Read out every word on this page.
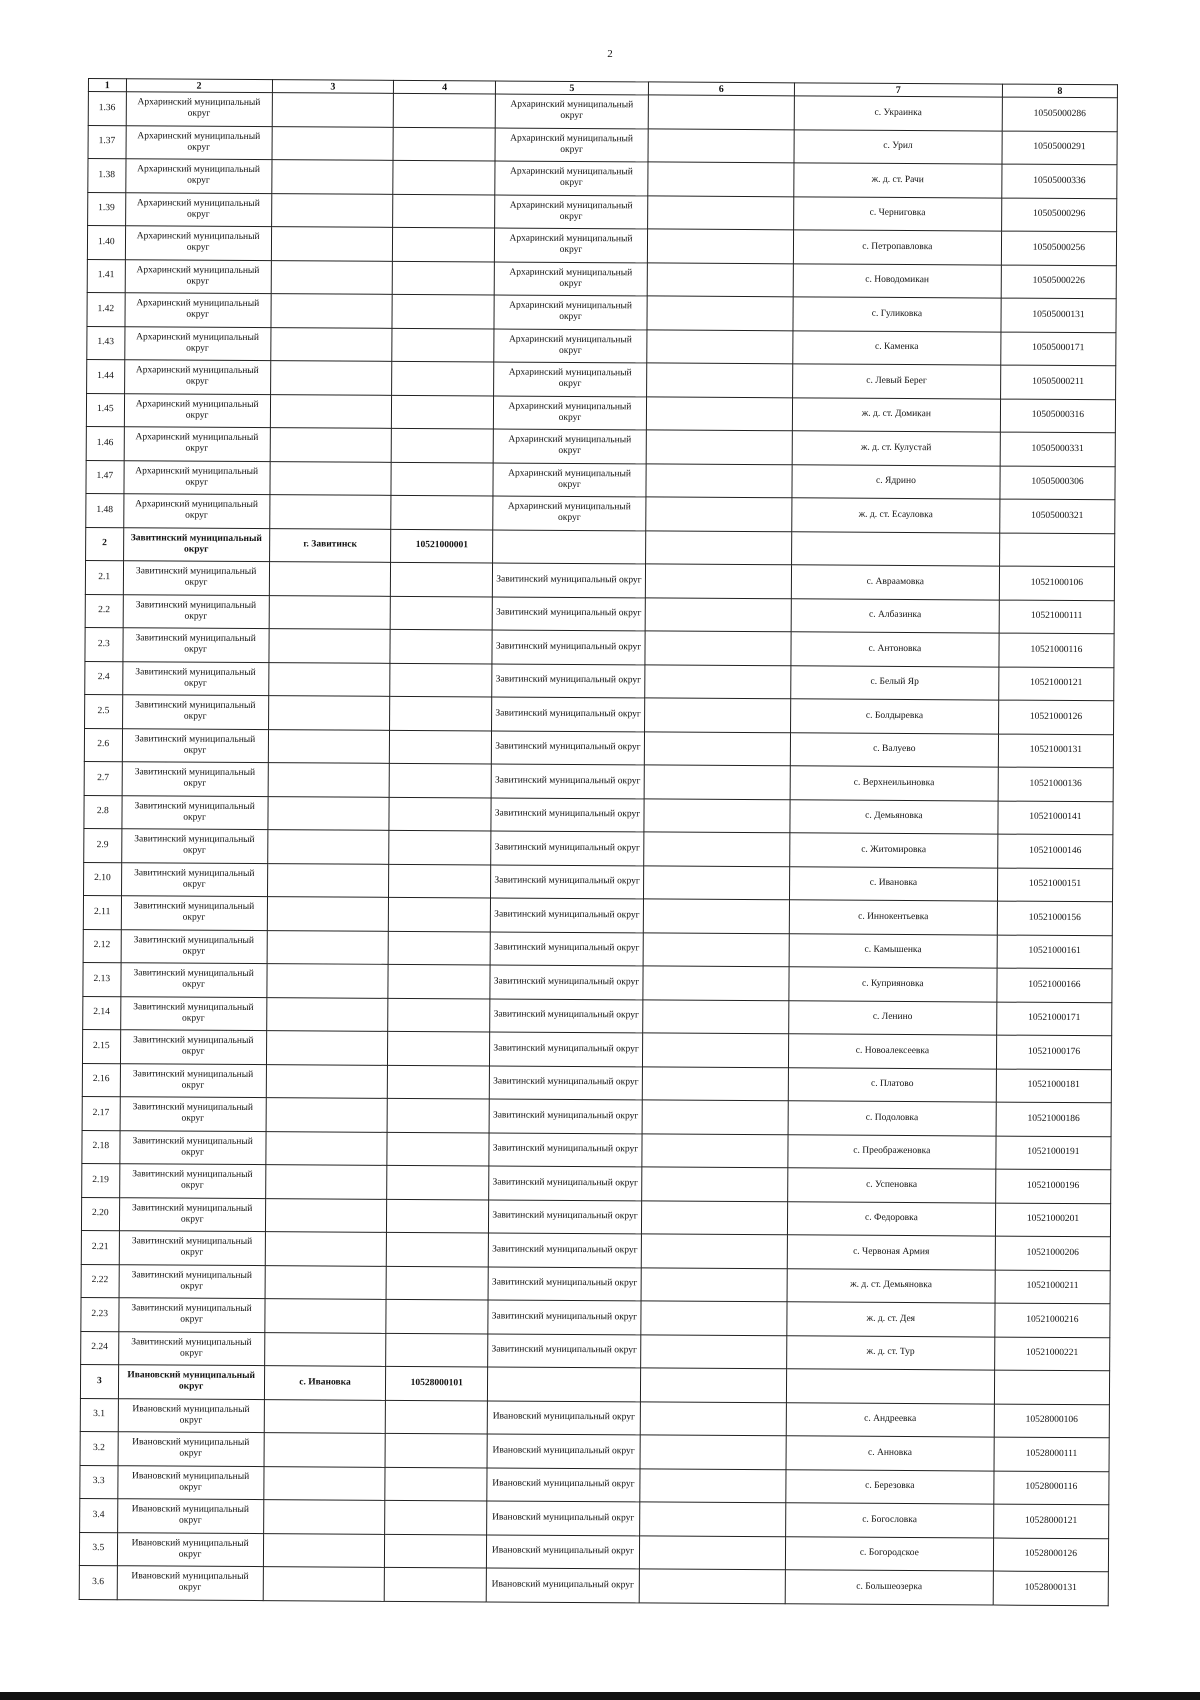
2
1	2	3	4	5	6	7	8
1.36	Архаринский муниципальный округ			Архаринский муниципальный округ		с. Украинка	10505000286
1.37	Архаринский муниципальный округ			Архаринский муниципальный округ		с. Урил	10505000291
1.38	Архаринский муниципальный округ			Архаринский муниципальный округ		ж. д. ст. Рачи	10505000336
1.39	Архаринский муниципальный округ			Архаринский муниципальный округ		с. Черниговка	10505000296
1.40	Архаринский муниципальный округ			Архаринский муниципальный округ		с. Петропавловка	10505000256
1.41	Архаринский муниципальный округ			Архаринский муниципальный округ		с. Новодомикан	10505000226
1.42	Архаринский муниципальный округ			Архаринский муниципальный округ		с. Гуликовка	10505000131
1.43	Архаринский муниципальный округ			Архаринский муниципальный округ		с. Каменка	10505000171
1.44	Архаринский муниципальный округ			Архаринский муниципальный округ		с. Левый Берег	10505000211
1.45	Архаринский муниципальный округ			Архаринский муниципальный округ		ж. д. ст. Домикан	10505000316
1.46	Архаринский муниципальный округ			Архаринский муниципальный округ		ж. д. ст. Кулустай	10505000331
1.47	Архаринский муниципальный округ			Архаринский муниципальный округ		с. Ядрино	10505000306
1.48	Архаринский муниципальный округ			Архаринский муниципальный округ		ж. д. ст. Есауловка	10505000321
2	Завитинский муниципальный округ	г. Завитинск	10521000001				
2.1	Завитинский муниципальный округ			Завитинский муниципальный округ		с. Авраамовка	10521000106
2.2	Завитинский муниципальный округ			Завитинский муниципальный округ		с. Албазинка	10521000111
2.3	Завитинский муниципальный округ			Завитинский муниципальный округ		с. Антоновка	10521000116
2.4	Завитинский муниципальный округ			Завитинский муниципальный округ		с. Белый Яр	10521000121
2.5	Завитинский муниципальный округ			Завитинский муниципальный округ		с. Болдыревка	10521000126
2.6	Завитинский муниципальный округ			Завитинский муниципальный округ		с. Валуево	10521000131
2.7	Завитинский муниципальный округ			Завитинский муниципальный округ		с. Верхнеильиновка	10521000136
2.8	Завитинский муниципальный округ			Завитинский муниципальный округ		с. Демьяновка	10521000141
2.9	Завитинский муниципальный округ			Завитинский муниципальный округ		с. Житомировка	10521000146
2.10	Завитинский муниципальный округ			Завитинский муниципальный округ		с. Ивановка	10521000151
2.11	Завитинский муниципальный округ			Завитинский муниципальный округ		с. Иннокентьевка	10521000156
2.12	Завитинский муниципальный округ			Завитинский муниципальный округ		с. Камышенка	10521000161
2.13	Завитинский муниципальный округ			Завитинский муниципальный округ		с. Куприяновка	10521000166
2.14	Завитинский муниципальный округ			Завитинский муниципальный округ		с. Ленино	10521000171
2.15	Завитинский муниципальный округ			Завитинский муниципальный округ		с. Новоалексеевка	10521000176
2.16	Завитинский муниципальный округ			Завитинский муниципальный округ		с. Платово	10521000181
2.17	Завитинский муниципальный округ			Завитинский муниципальный округ		с. Подоловка	10521000186
2.18	Завитинский муниципальный округ			Завитинский муниципальный округ		с. Преображеновка	10521000191
2.19	Завитинский муниципальный округ			Завитинский муниципальный округ		с. Успеновка	10521000196
2.20	Завитинский муниципальный округ			Завитинский муниципальный округ		с. Федоровка	10521000201
2.21	Завитинский муниципальный округ			Завитинский муниципальный округ		с. Червоная Армия	10521000206
2.22	Завитинский муниципальный округ			Завитинский муниципальный округ		ж. д. ст. Демьяновка	10521000211
2.23	Завитинский муниципальный округ			Завитинский муниципальный округ		ж. д. ст. Дея	10521000216
2.24	Завитинский муниципальный округ			Завитинский муниципальный округ		ж. д. ст. Тур	10521000221
3	Ивановский муниципальный округ	с. Ивановка	10528000101				
3.1	Ивановский муниципальный округ			Ивановский муниципальный округ		с. Андреевка	10528000106
3.2	Ивановский муниципальный округ			Ивановский муниципальный округ		с. Анновка	10528000111
3.3	Ивановский муниципальный округ			Ивановский муниципальный округ		с. Березовка	10528000116
3.4	Ивановский муниципальный округ			Ивановский муниципальный округ		с. Богословка	10528000121
3.5	Ивановский муниципальный округ			Ивановский муниципальный округ		с. Богородское	10528000126
3.6	Ивановский муниципальный округ			Ивановский муниципальный округ		с. Большеозерка	10528000131
